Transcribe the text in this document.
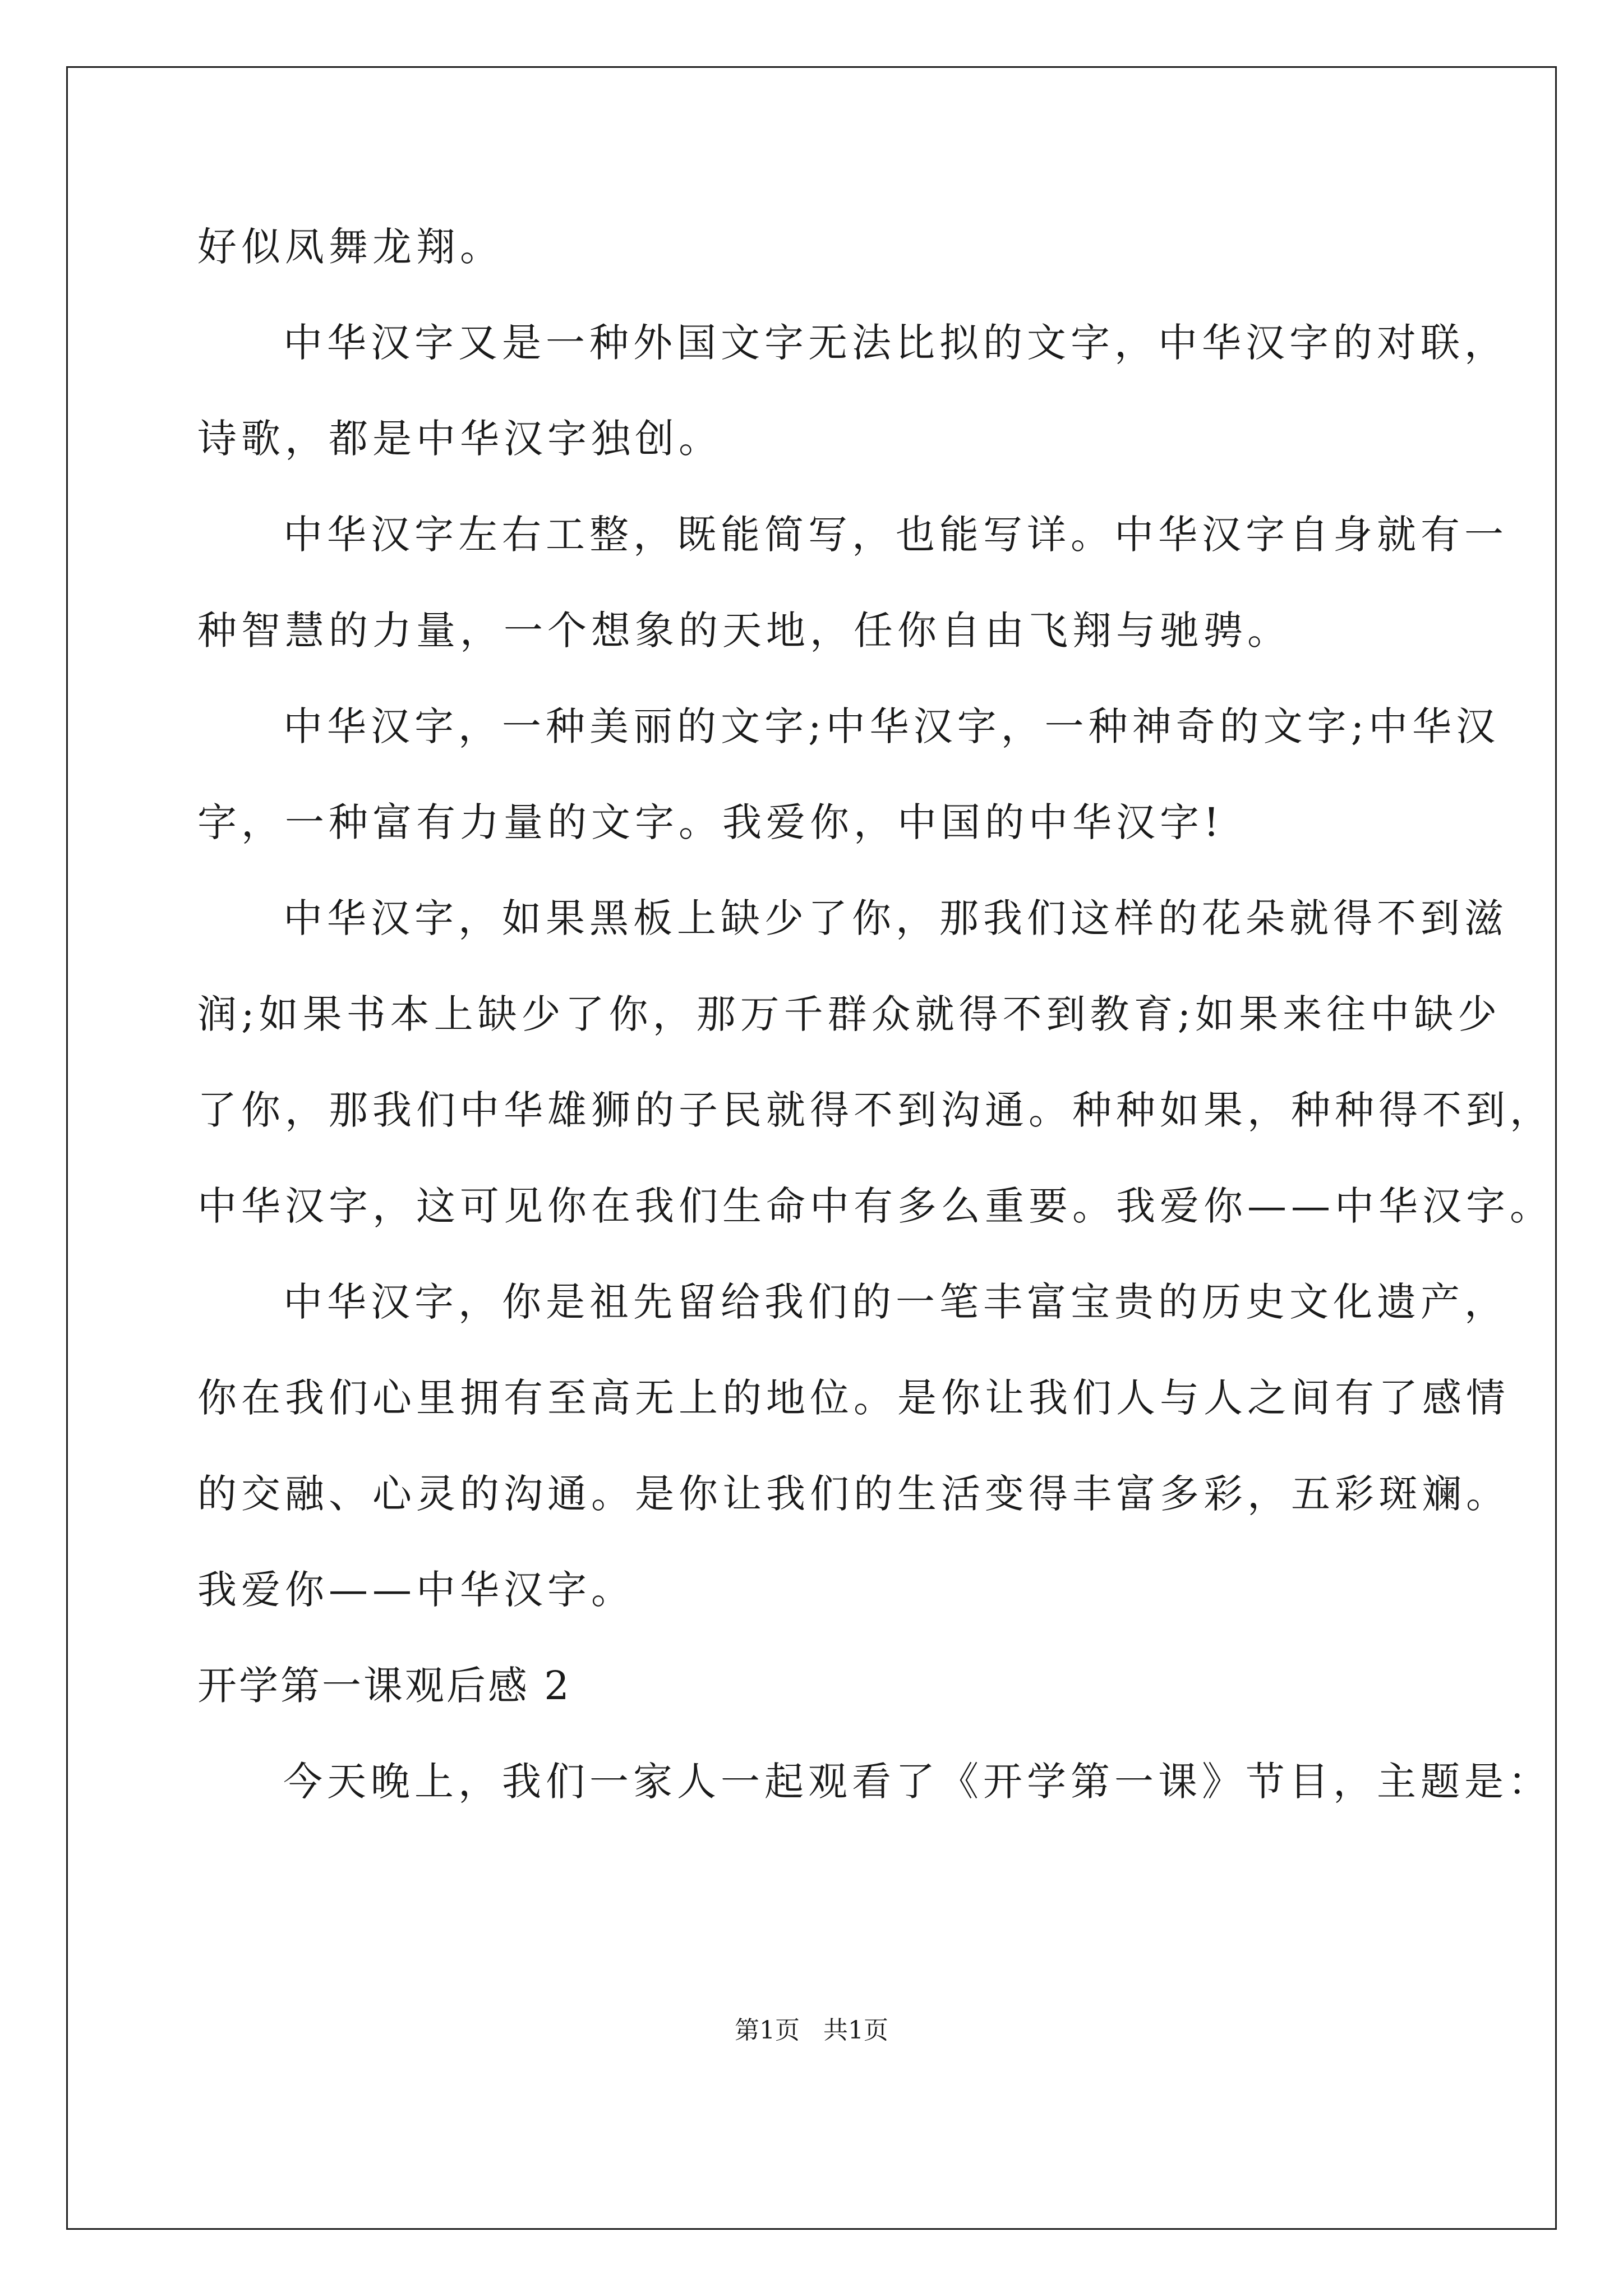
好似凤舞龙翔。
中华汉字又是一种外国文字无法比拟的文字，中华汉字的对联，
诗歌，都是中华汉字独创。
中华汉字左右工整，既能简写，也能写详。中华汉字自身就有一
种智慧的力量，一个想象的天地，任你自由飞翔与驰骋。
中华汉字，一种美丽的文字;中华汉字，一种神奇的文字;中华汉
字，一种富有力量的文字。我爱你，中国的中华汉字!
中华汉字，如果黑板上缺少了你，那我们这样的花朵就得不到滋
润;如果书本上缺少了你，那万千群众就得不到教育;如果来往中缺少
了你，那我们中华雄狮的子民就得不到沟通。种种如果，种种得不到，
中华汉字，这可见你在我们生命中有多么重要。我爱你——中华汉字。
中华汉字，你是祖先留给我们的一笔丰富宝贵的历史文化遗产，
你在我们心里拥有至高无上的地位。是你让我们人与人之间有了感情
的交融、心灵的沟通。是你让我们的生活变得丰富多彩，五彩斑斓。
我爱你——中华汉字。
开学第一课观后感 2
今天晚上，我们一家人一起观看了《开学第一课》节目，主题是：
第1页   共1页
